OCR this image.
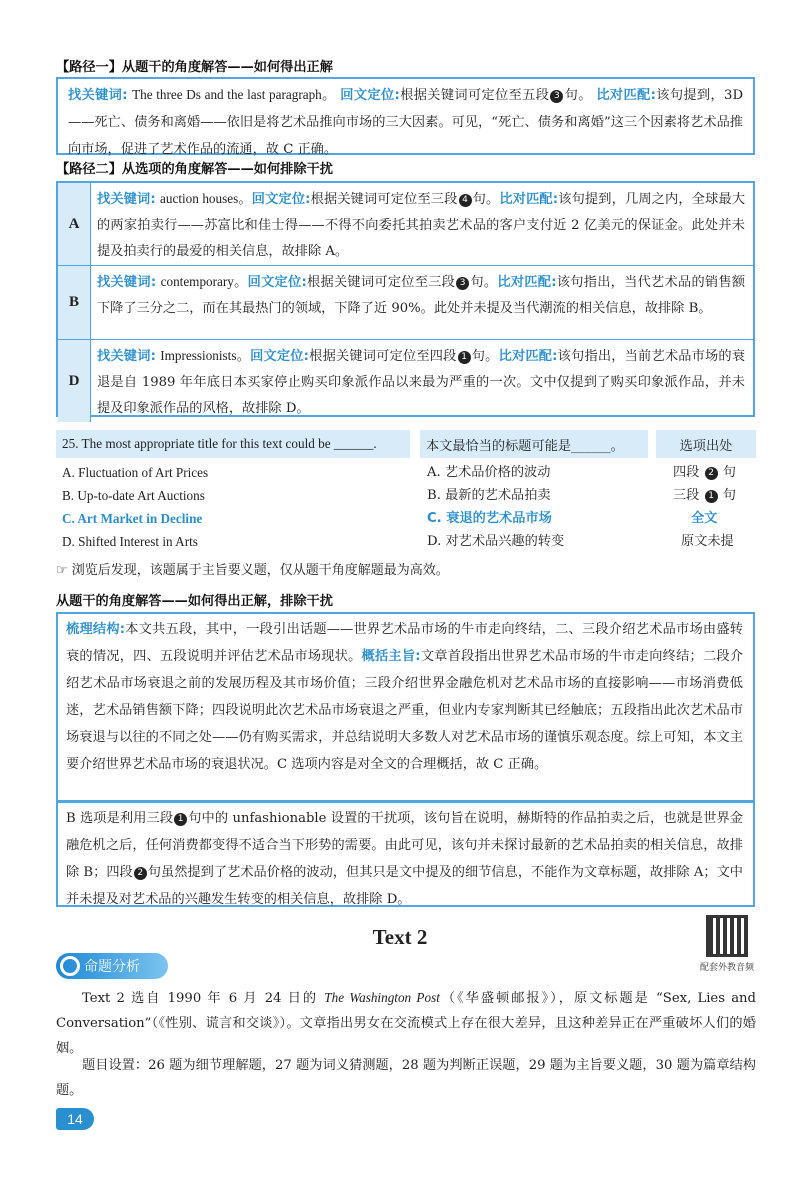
【路径一】从题干的角度解答——如何得出正解

找关键词: The three Ds and the last paragraph。 回文定位:根据关键词可定位至五段 3 句。 比对匹配:该句提到，3D——死亡、债务和离婚——依旧是将艺术品推向市场的三大因素。可见，“死亡、债务和离婚”这三个因素将艺术品推向市场，促进了艺术作品的流通，故 C 正确。

【路径二】从选项的角度解答——如何排除干扰
A
找关键词: auction houses。回文定位:根据关键词可定位至三段 4 句。比对匹配:该句提到，几周之内，全球最大的两家拍卖行——苏富比和佳士得——不得不向委托其拍卖艺术品的客户支付近 2 亿美元的保证金。此处并未提及拍卖行的最爱的相关信息，故排除 A。
B
找关键词: contemporary。回文定位:根据关键词可定位至三段 3 句。比对匹配:该句指出，当代艺术品的销售额下降了三分之二，而在其最热门的领域，下降了近 90%。此处并未提及当代潮流的相关信息，故排除 B。
D
找关键词: Impressionists。回文定位:根据关键词可定位至四段 1 句。比对匹配:该句指出，当前艺术品市场的衰退是自 1989 年年底日本买家停止购买印象派作品以来最为严重的一次。文中仅提到了购买印象派作品，并未提及印象派作品的风格，故排除 D。
25. The most appropriate title for this text could be ______.	本文最恰当的标题可能是______。	选项出处
A. Fluctuation of Art Prices	A. 艺术品价格的波动	四段 2 句
B. Up-to-date Art Auctions	B. 最新的艺术品拍卖	三段 1 句
C. Art Market in Decline	C. 衰退的艺术品市场	全文
D. Shifted Interest in Arts	D. 对艺术品兴趣的转变	原文未提
☞ 浏览后发现，该题属于主旨要义题，仅从题干角度解题最为高效。
从题干的角度解答——如何得出正解，排除干扰

梳理结构:本文共五段，其中，一段引出话题——世界艺术品市场的牛市走向终结，二、三段介绍艺术品市场由盛转衰的情况，四、五段说明并评估艺术品市场现状。概括主旨:文章首段指出世界艺术品市场的牛市走向终结；二段介绍艺术品市场衰退之前的发展历程及其市场价值；三段介绍世界金融危机对艺术品市场的直接影响——市场消费低迷，艺术品销售额下降；四段说明此次艺术品市场衰退之严重，但业内专家判断其已经触底；五段指出此次艺术品市场衰退与以往的不同之处——仍有购买需求，并总结说明大多数人对艺术品市场的谨慎乐观态度。综上可知，本文主要介绍世界艺术品市场的衰退状况。C 选项内容是对全文的合理概括，故 C 正确。

B 选项是利用三段 1 句中的 unfashionable 设置的干扰项，该句旨在说明，赫斯特的作品拍卖之后，也就是世界金融危机之后，任何消费都变得不适合当下形势的需要。由此可见，该句并未探讨最新的艺术品拍卖的相关信息，故排除 B；四段 2 句虽然提到了艺术品价格的波动，但其只是文中提及的细节信息，不能作为文章标题，故排除 A；文中并未提及对艺术品的兴趣发生转变的相关信息，故排除 D。

Text 2
配套外教音频
命题分析

Text 2 选自 1990 年 6 月 24 日的 The Washington Post（《华盛顿邮报》），原文标题是 “Sex, Lies and Conversation”（《性别、谎言和交谈》）。文章指出男女在交流模式上存在很大差异，且这种差异正在严重破坏人们的婚姻。

题目设置：26 题为细节理解题，27 题为词义猜测题，28 题为判断正误题，29 题为主旨要义题，30 题为篇章结构题。

14
